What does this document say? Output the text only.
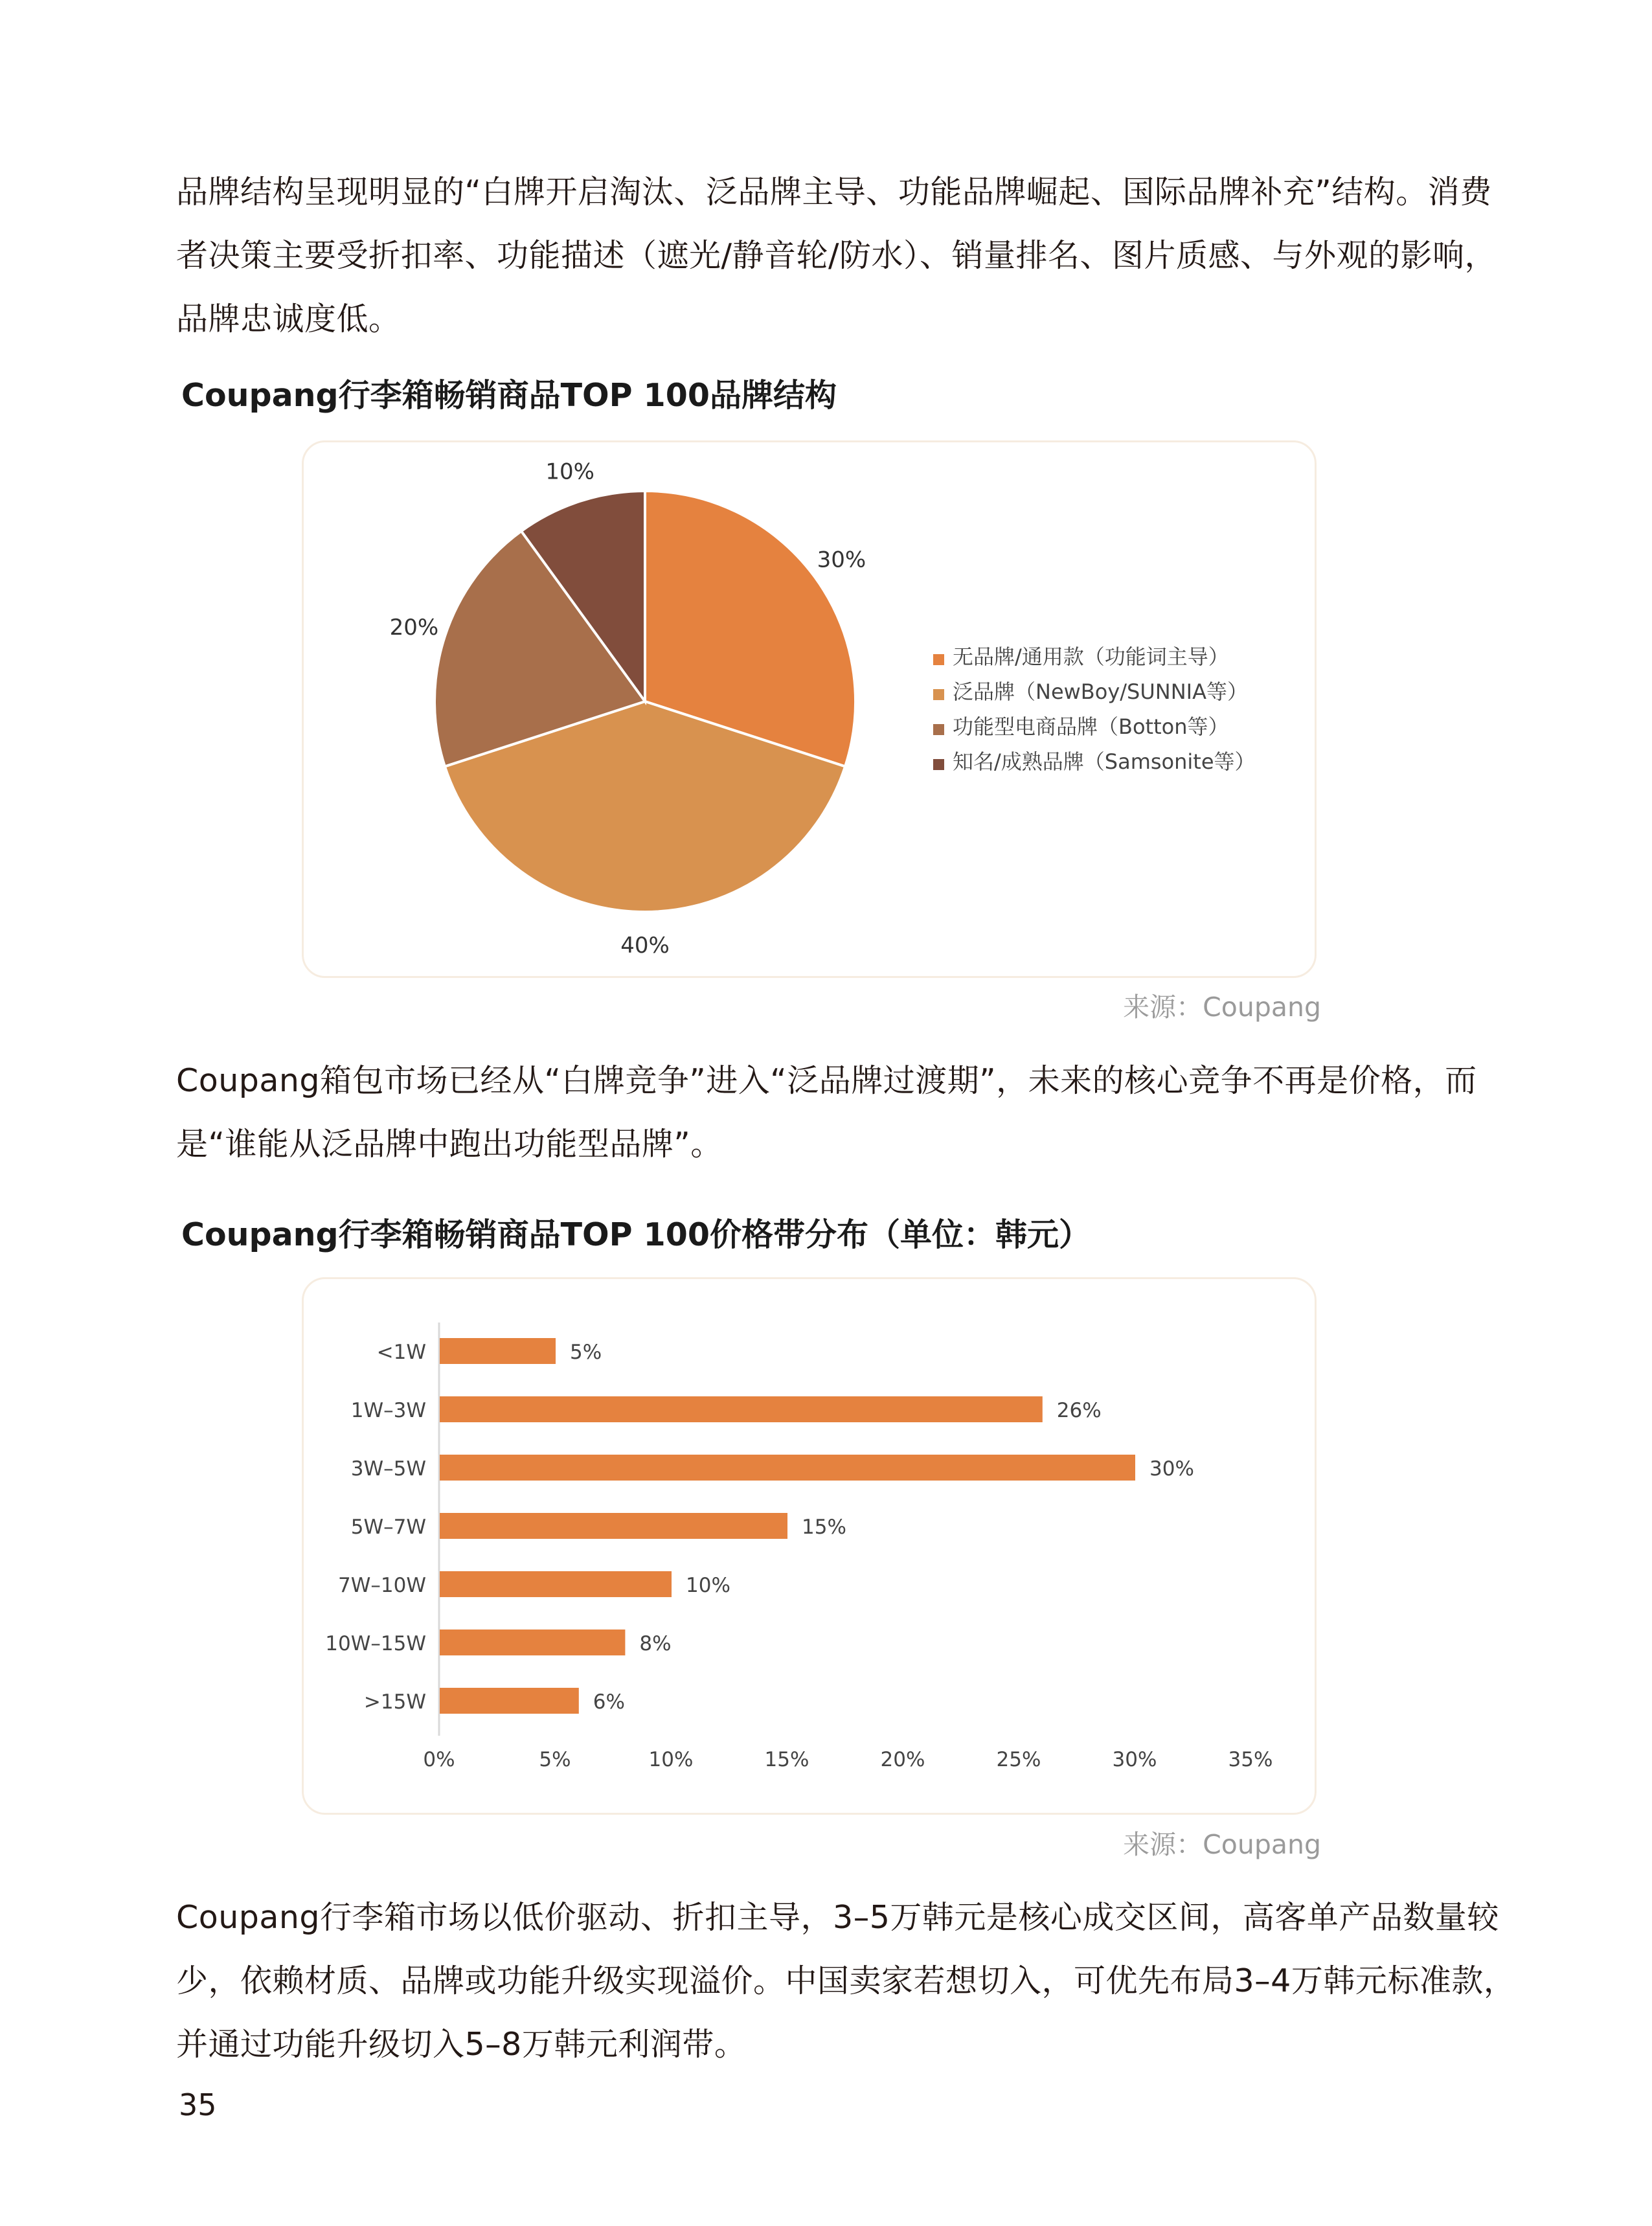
品牌结构呈现明显的“白牌开启淘汰、泛品牌主导、功能品牌崛起、国际品牌补充”结构。消费者决策主要受折扣率、功能描述（遮光/静音轮/防水）、销量排名、图片质感、与外观的影响，品牌忠诚度低。

Coupang行李箱畅销商品TOP 100品牌结构
30%
40%
20%
10%
无品牌/通用款（功能词主导）
泛品牌（NewBoy/SUNNIA等）
功能型电商品牌（Botton等）
知名/成熟品牌（Samsonite等）
来源：Coupang

Coupang箱包市场已经从“白牌竞争”进入“泛品牌过渡期”，未来的核心竞争不再是价格，而是“谁能从泛品牌中跑出功能型品牌”。

Coupang行李箱畅销商品TOP 100价格带分布（单位：韩元）
<1W	5%
1W–3W	26%
3W–5W	30%
5W–7W	15%
7W–10W	10%
10W–15W	8%
>15W	6%
0%	5%	10%	15%	20%	25%	30%	35%
来源：Coupang

Coupang行李箱市场以低价驱动、折扣主导，3–5万韩元是核心成交区间，高客单产品数量较少，依赖材质、品牌或功能升级实现溢价。中国卖家若想切入，可优先布局3–4万韩元标准款，并通过功能升级切入5–8万韩元利润带。

35
